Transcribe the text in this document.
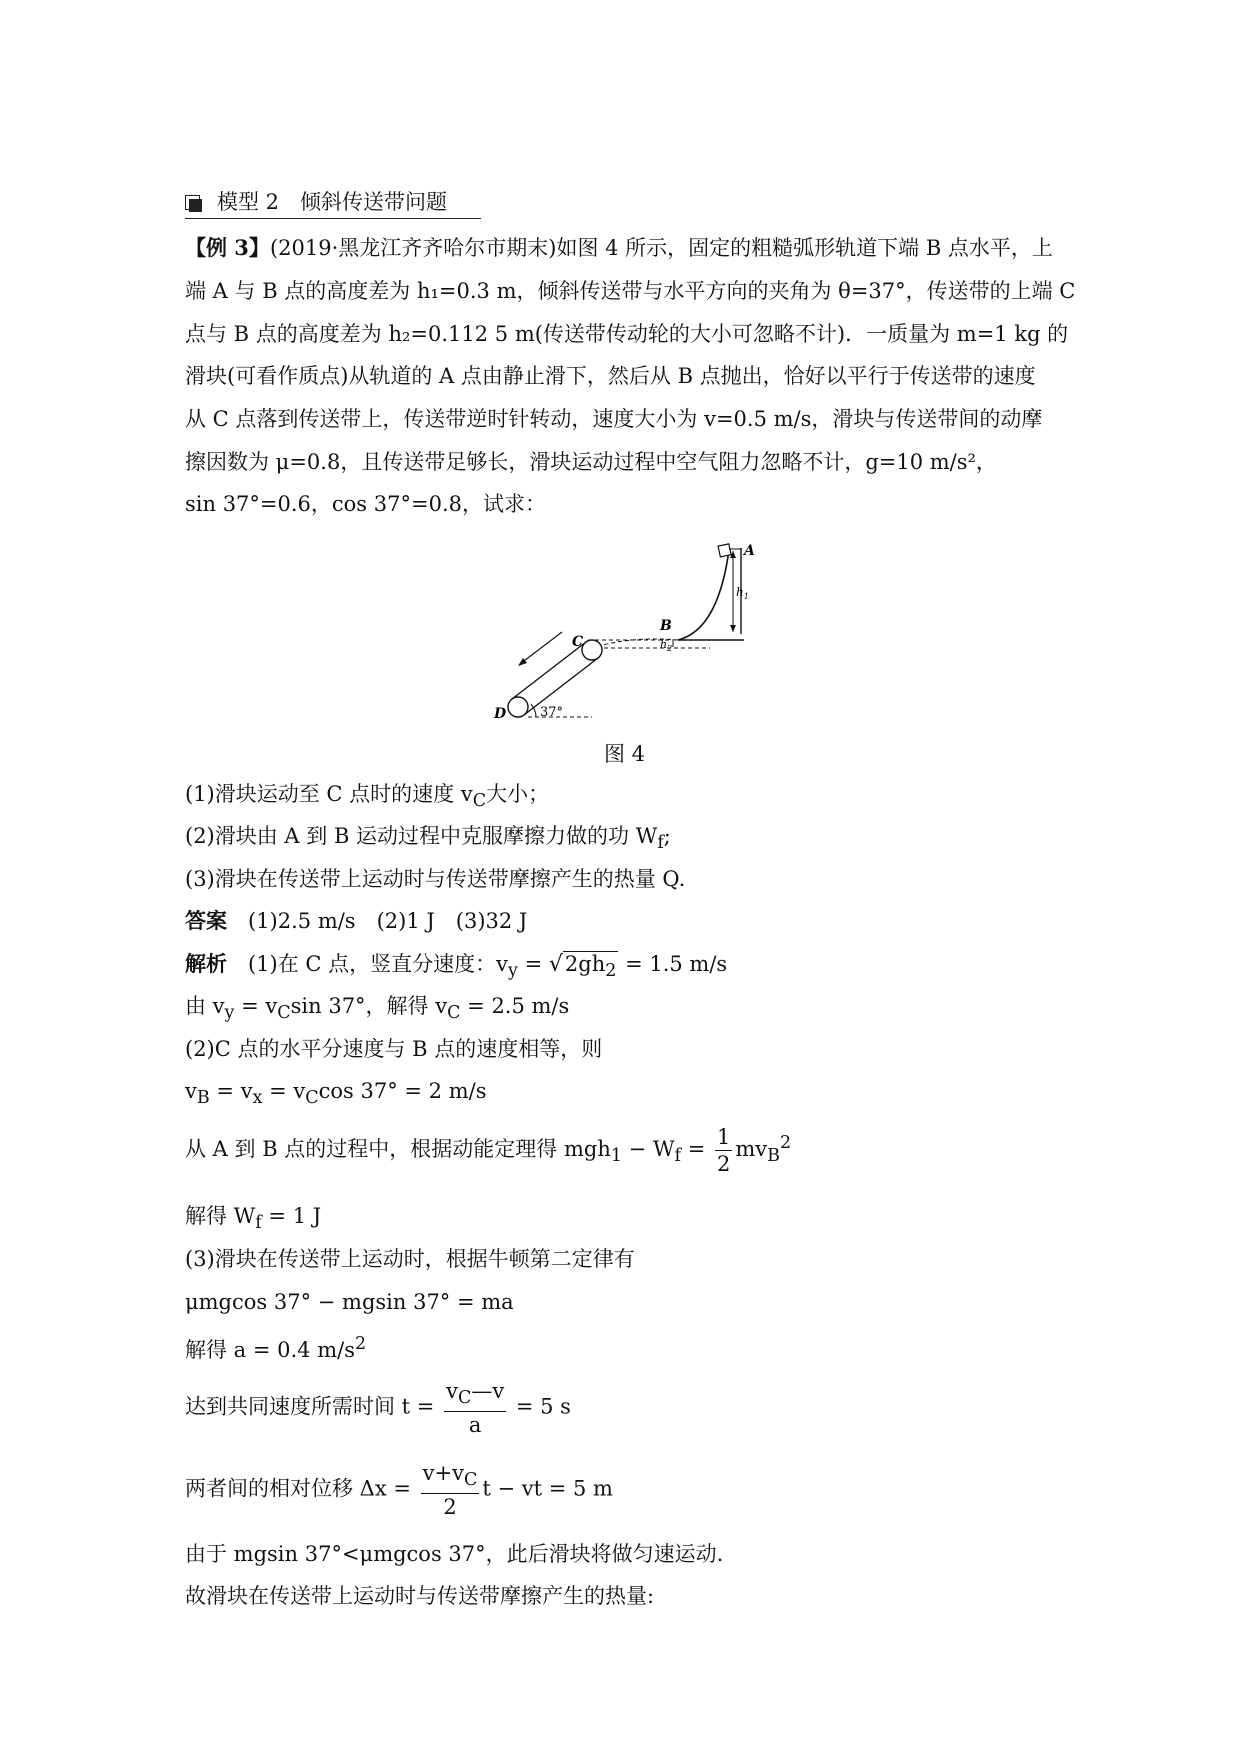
模型 2　倾斜传送带问题
【例 3】(2019·黑龙江齐齐哈尔市期末)如图 4 所示，固定的粗糙弧形轨道下端 B 点水平，上
端 A 与 B 点的高度差为 h₁=0.3 m，倾斜传送带与水平方向的夹角为 θ=37°，传送带的上端 C
点与 B 点的高度差为 h₂=0.112 5 m(传送带传动轮的大小可忽略不计)．一质量为 m=1 kg 的
滑块(可看作质点)从轨道的 A 点由静止滑下，然后从 B 点抛出，恰好以平行于传送带的速度
从 C 点落到传送带上，传送带逆时针转动，速度大小为 v=0.5 m/s，滑块与传送带间的动摩
擦因数为 μ=0.8，且传送带足够长，滑块运动过程中空气阻力忽略不计，g=10 m/s²，
sin 37°=0.6，cos 37°=0.8，试求：
A
B
C
D
$h_1$
$h_2$
37°
图 4
(1)滑块运动至 C 点时的速度 $v_C$大小；
(2)滑块由 A 到 B 运动过程中克服摩擦力做的功 $W_f$;
(3)滑块在传送带上运动时与传送带摩擦产生的热量 Q.
答案　 (1)2.5 m/s　(2)1 J　(3)32 J
解析　 (1)在 C 点，竖直分速度：$v_y = √2gh_2 = 1.5$ m/s
由 $v_y = v_C\sin$ 37°，解得 $v_C = 2.5$ m/s
(2)C 点的水平分速度与 B 点的速度相等，则
$v_B = v_x = v_C\cos$ 37° = 2 m/s
从 A 到 B 点的过程中，根据动能定理得 $mgh_1 - W_f = \frac{1}{2} mv_B^2$
解得 $W_f = 1$ J
(3)滑块在传送带上运动时，根据牛顿第二定律有
μmgcos 37° − mgsin 37° = ma
解得 a = 0.4 $m/s^2$
达到共同速度所需时间 $t = \frac{v_C—v}{a} = 5$ s
两者间的相对位移 $\Delta x = \frac{v+v_C}{2}$ t − vt = 5 m
由于 mgsin 37°<μmgcos 37°，此后滑块将做匀速运动.
故滑块在传送带上运动时与传送带摩擦产生的热量:
